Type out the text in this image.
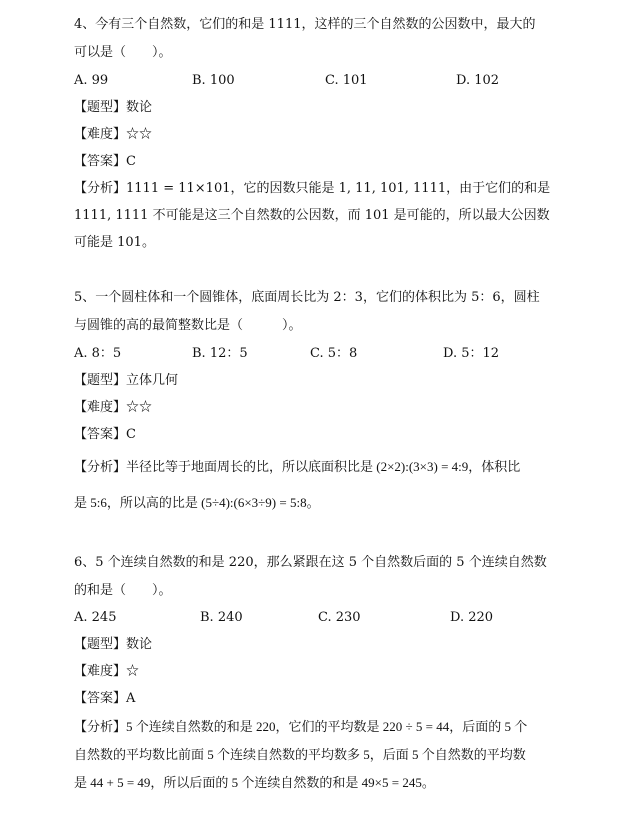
4、今有三个自然数，它们的和是 1111，这样的三个自然数的公因数中，最大的
可以是（　　）。
A. 99	B. 100	C. 101	D. 102
【题型】数论
【难度】☆☆
【答案】C
【分析】1111 = 11×101，它的因数只能是 1, 11, 101, 1111，由于它们的和是
1111, 1111 不可能是这三个自然数的公因数，而 101 是可能的，所以最大公因数
可能是 101。
5、一个圆柱体和一个圆锥体，底面周长比为 2：3，它们的体积比为 5：6，圆柱
与圆锥的高的最简整数比是（　　　）。
A. 8：5	B. 12：5	C. 5：8	D. 5：12
【题型】立体几何
【难度】☆☆
【答案】C
【分析】半径比等于地面周长的比，所以底面积比是 (2×2):(3×3) = 4:9，体积比
是 5:6，所以高的比是 (5÷4):(6×3÷9) = 5:8。
6、5 个连续自然数的和是 220，那么紧跟在这 5 个自然数后面的 5 个连续自然数
的和是（　　）。
A. 245	B. 240	C. 230	D. 220
【题型】数论
【难度】☆
【答案】A
【分析】5 个连续自然数的和是 220，它们的平均数是 220 ÷ 5 = 44，后面的 5 个
自然数的平均数比前面 5 个连续自然数的平均数多 5，后面 5 个自然数的平均数
是 44 + 5 = 49，所以后面的 5 个连续自然数的和是 49×5 = 245。
